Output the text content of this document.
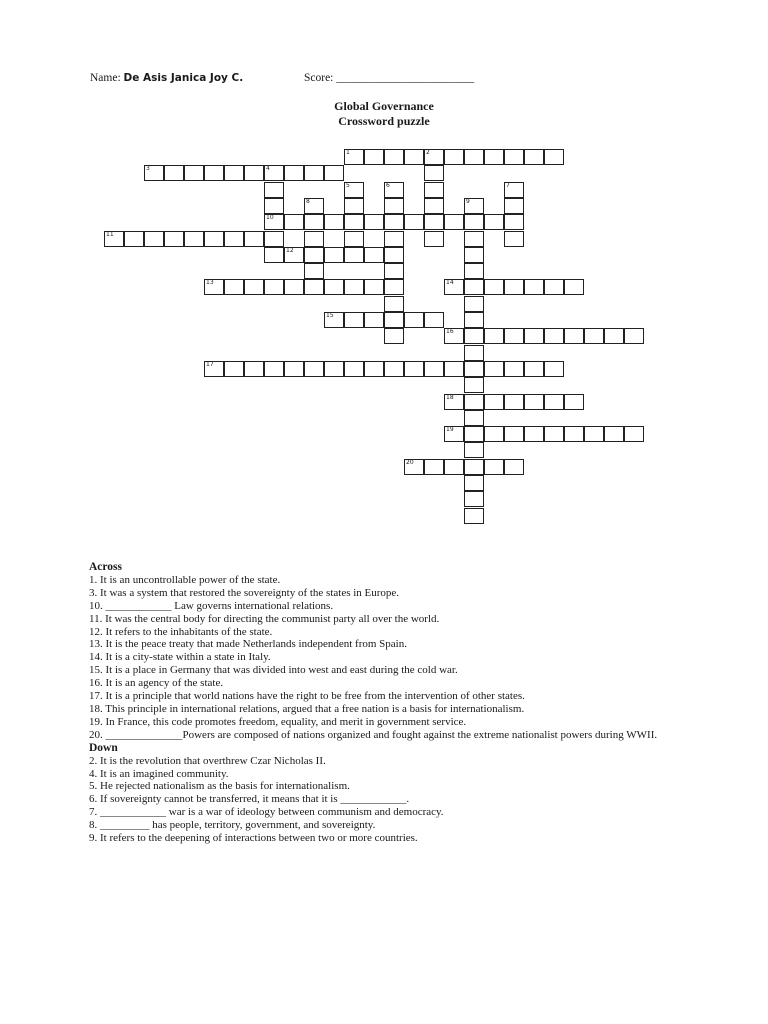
Name: De Asis Janica Joy C.	Score: ________________________
Global Governance
Crossword puzzle
1	2
3	4
10
5	6	7
8	9
11
12
13	14
15
16
17
18
19
20
Across
1. It is an uncontrollable power of the state.
3. It was a system that restored the sovereignty of the states in Europe.
10. ____________ Law governs international relations.
11. It was the central body for directing the communist party all over the world.
12. It refers to the inhabitants of the state.
13. It is the peace treaty that made Netherlands independent from Spain.
14. It is a city-state within a state in Italy.
15. It is a place in Germany that was divided into west and east during the cold war.
16. It is an agency of the state.
17. It is a principle that world nations have the right to be free from the intervention of other states.
18. This principle in international relations, argued that a free nation is a basis for internationalism.
19. In France, this code promotes freedom, equality, and merit in government service.
20. ______________Powers are composed of nations organized and fought against the extreme nationalist powers during WWII.
Down
2. It is the revolution that overthrew Czar Nicholas II.
4. It is an imagined community.
5. He rejected nationalism as the basis for internationalism.
6. If sovereignty cannot be transferred, it means that it is ____________.
7. ____________ war is a war of ideology between communism and democracy.
8. _________ has people, territory, government, and sovereignty.
9. It refers to the deepening of interactions between two or more countries.
